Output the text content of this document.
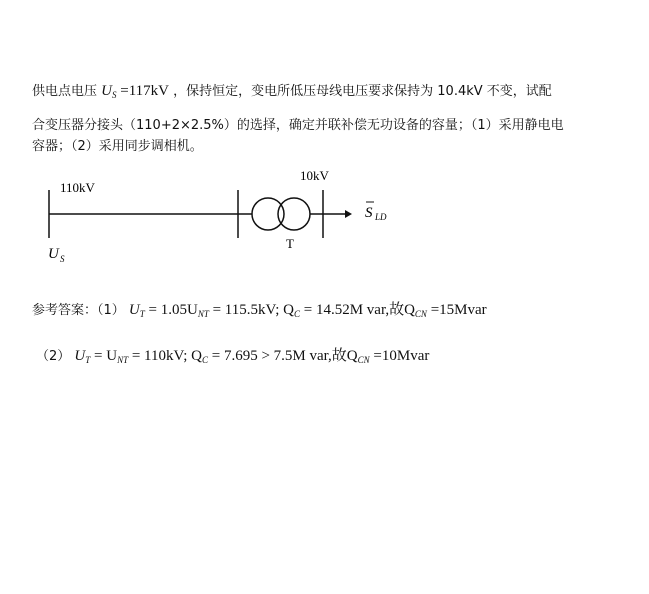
供电点电压 $U_S =117kV$ ，保持恒定，变电所低压母线电压要求保持为 10.4kV 不变，试配
合变压器分接头（110+2×2.5%）的选择，确定并联补偿无功设备的容量；（1）采用静电电
容器；（2）采用同步调相机。
110kV
10kV
T
U S
S LD
参考答案：（1） $U_T = 1.05U_{NT} = 115.5kV$; $Q_C = 14.52M$ var,故$Q_{CN}$ =15Mvar
（2） $U_T = U_{NT} = 110kV$; $Q_C = 7.695 > 7.5M$ var,故$Q_{CN}$ =10Mvar
